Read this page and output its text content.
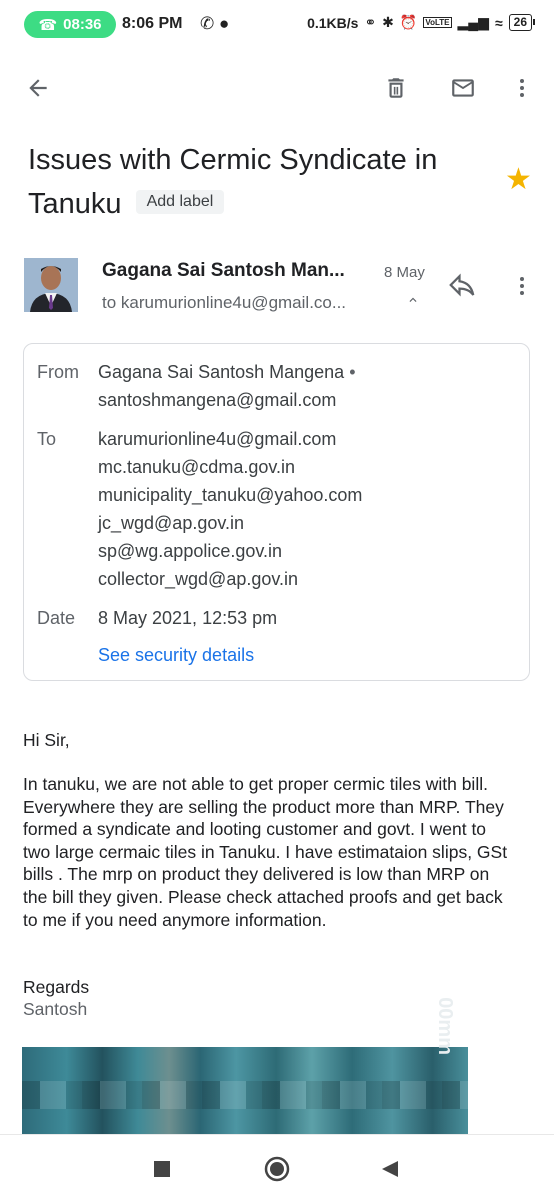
☎ 08:36 8:06 PM ✆ ●	0.1KB/s ⚭ ✱ ⏰ VoLTE ▂▄▆ ≈ 26
Issues with Cermic Syndicate in Tanuku Add label
★
Gagana Sai Santosh Man...	8 May
to karumurionline4u@gmail.co...
From Gagana Sai Santosh Mangena •
santoshmangena@gmail.com
To karumurionline4u@gmail.com
mc.tanuku@cdma.gov.in
municipality_tanuku@yahoo.com
jc_wgd@ap.gov.in
sp@wg.appolice.gov.in
collector_wgd@ap.gov.in
Date 8 May 2021, 12:53 pm
See security details
Hi Sir,
In tanuku, we are not able to get proper cermic tiles with bill. Everywhere they are selling the product more than MRP. They formed a syndicate and looting customer and govt. I went to two large cermaic tiles in Tanuku. I have estimataion slips, GSt bills . The mrp on product they delivered is low than MRP on the bill they given. Please check attached proofs and get back to me if you need anymore information.
Regards
Santosh	00mm
